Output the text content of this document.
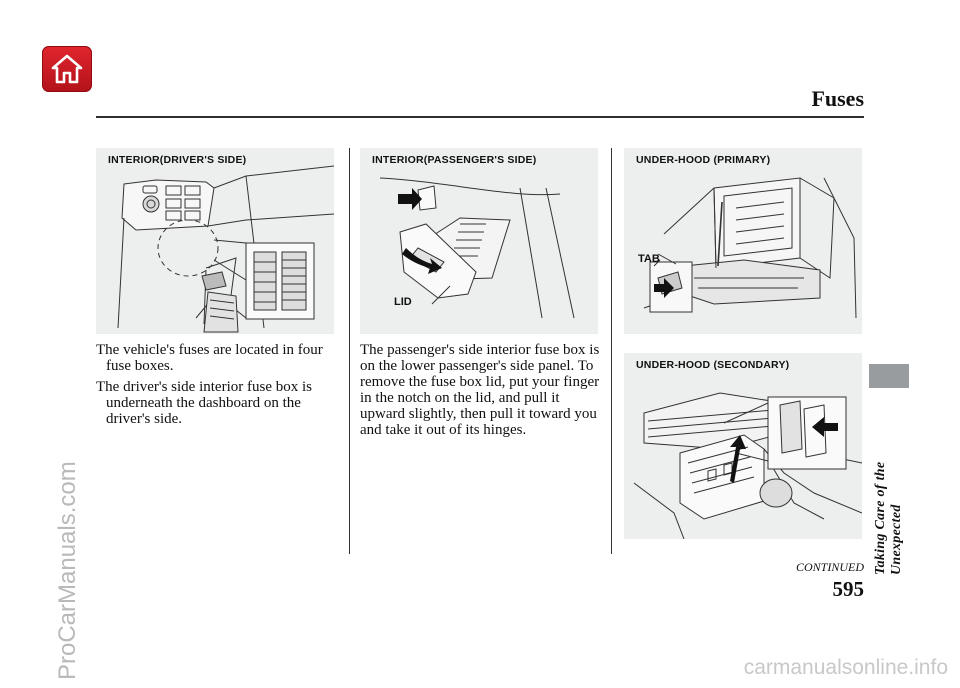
Fuses
Taking Care of the Unexpected
INTERIOR(DRIVER'S SIDE)	INTERIOR(PASSENGER'S SIDE)
LID
UNDER-HOOD (PRIMARY)
TAB
UNDER-HOOD (SECONDARY)

The vehicle's fuses are located in four fuse boxes.

The driver's side interior fuse box is underneath the dashboard on the driver's side.

The passenger's side interior fuse box is on the lower passenger's side panel. To remove the fuse box lid, put your finger in the notch on the lid, and pull it upward slightly, then pull it toward you and take it out of its hinges.

CONTINUED
595
ProCarManuals.com	carmanualsonline.info
